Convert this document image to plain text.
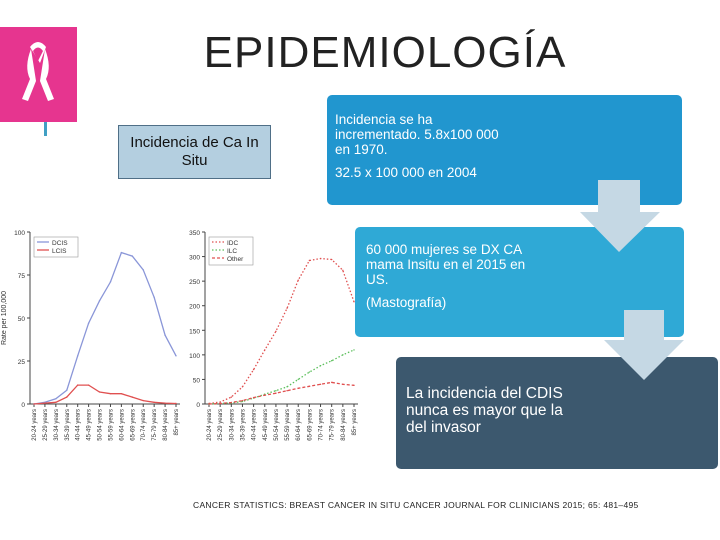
EPIDEMIOLOGÍA
Incidencia de Ca In Situ
0
25
50
75
100
20-24 years 25-29 years 30-34 years 35-39 years 40-44 years 45-49 years 50-54 years 55-59 years 60-64 years 65-69 years 70-74 years 75-79 years 80-84 years 85+ years
Rate per 100,000
DCIS
LCIS
0
50
100
150
200
250
300
350
20-24 years 25-29 years 30-34 years 35-39 years 40-44 years 45-49 years 50-54 years 55-59 years 60-64 years 65-69 years 70-74 years 75-79 years 80-84 years 85+ years
IDC
ILC
Other
Incidencia se ha
incrementado. 5.8x100 000
en 1970.
32.5 x 100 000 en 2004
60 000 mujeres se DX CA
mama Insitu en el 2015 en
US.
(Mastografía)
La incidencia del CDIS
nunca es mayor que la
del invasor
CANCER STATISTICS: BREAST CANCER IN SITU CANCER JOURNAL FOR CLINICIANS 2015; 65: 481–495
